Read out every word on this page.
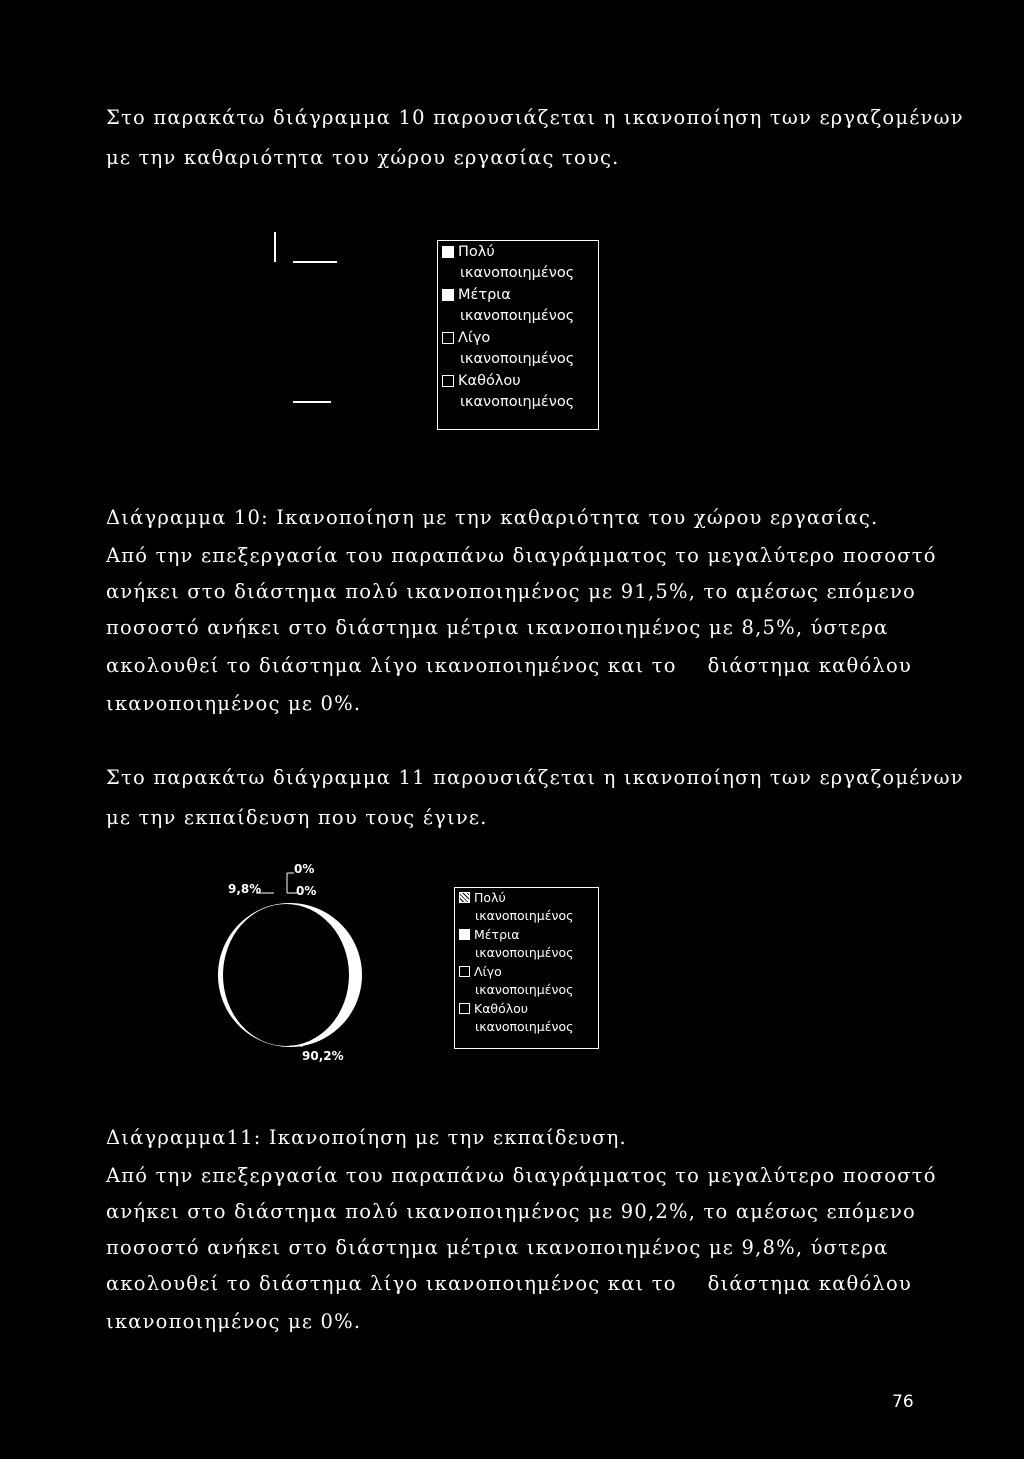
Στο παρακάτω διάγραμμα 10 παρουσιάζεται η ικανοποίηση των εργαζομένων
με την καθαριότητα του χώρου εργασίας τους.
Πολύ
ικανοποιημένος
Μέτρια
ικανοποιημένος
Λίγο
ικανοποιημένος
Καθόλου
ικανοποιημένος
Διάγραμμα 10: Ικανοποίηση με την καθαριότητα του χώρου εργασίας.
Από την επεξεργασία του παραπάνω διαγράμματος το μεγαλύτερο ποσοστό
ανήκει στο διάστημα πολύ ικανοποιημένος με 91,5%, το αμέσως επόμενο
ποσοστό ανήκει στο διάστημα μέτρια ικανοποιημένος με 8,5%, ύστερα
ακολουθεί το διάστημα λίγο ικανοποιημένος και το διάστημα καθόλου
ικανοποιημένος με 0%.
Στο παρακάτω διάγραμμα 11 παρουσιάζεται η ικανοποίηση των εργαζομένων
με την εκπαίδευση που τους έγινε.
9,8%
0%
0%
90,2%
Πολύ
ικανοποιημένος
Μέτρια
ικανοποιημένος
Λίγο
ικανοποιημένος
Καθόλου
ικανοποιημένος
Διάγραμμα11: Ικανοποίηση με την εκπαίδευση.
Από την επεξεργασία του παραπάνω διαγράμματος το μεγαλύτερο ποσοστό
ανήκει στο διάστημα πολύ ικανοποιημένος με 90,2%, το αμέσως επόμενο
ποσοστό ανήκει στο διάστημα μέτρια ικανοποιημένος με 9,8%, ύστερα
ακολουθεί το διάστημα λίγο ικανοποιημένος και το διάστημα καθόλου
ικανοποιημένος με 0%.
76
